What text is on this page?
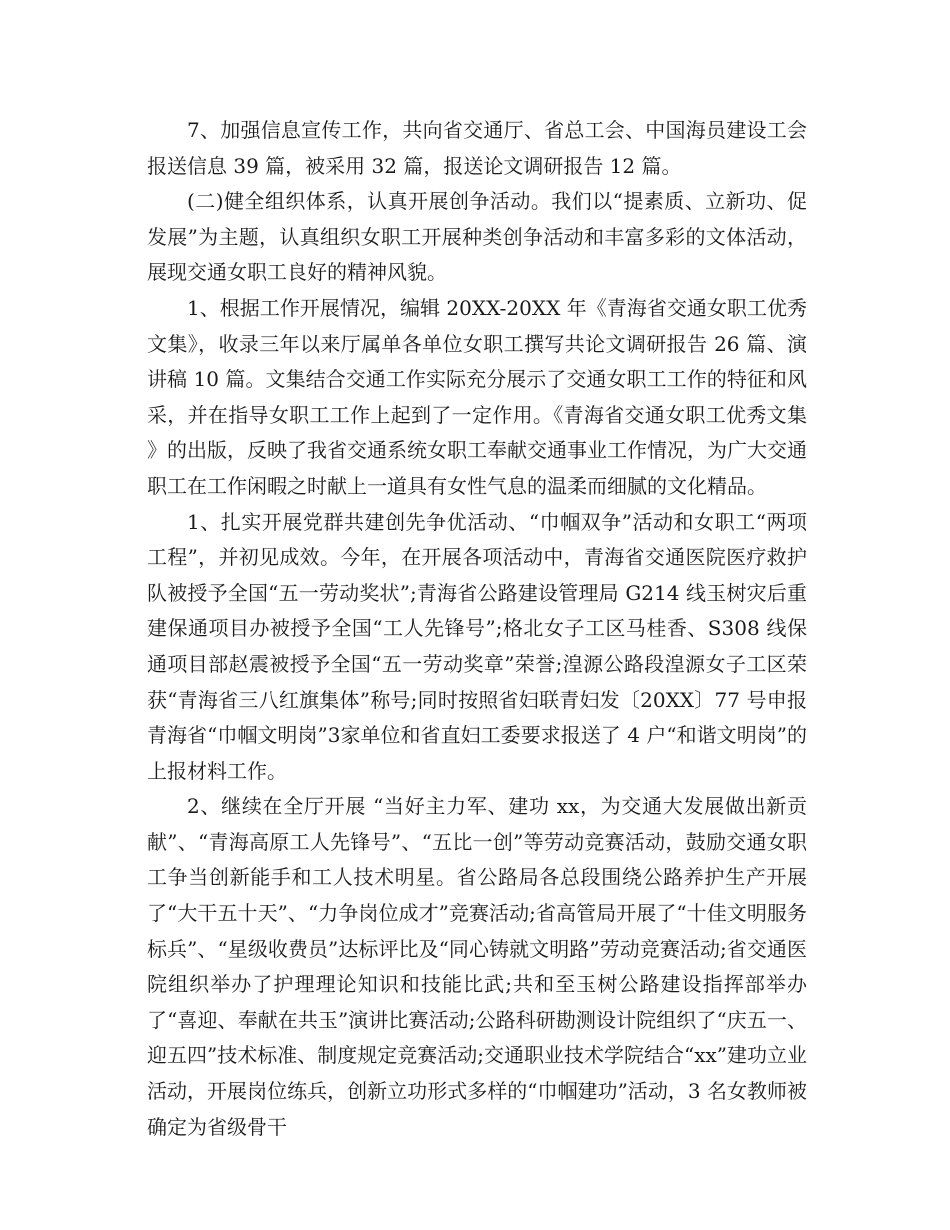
7、加强信息宣传工作，共向省交通厅、省总工会、中国海员建设工会报送信息 39 篇，被采用 32 篇，报送论文调研报告 12 篇。

(二)健全组织体系，认真开展创争活动。我们以“提素质、立新功、促发展”为主题，认真组织女职工开展种类创争活动和丰富多彩的文体活动，展现交通女职工良好的精神风貌。

1、根据工作开展情况，编辑 20XX-20XX 年《青海省交通女职工优秀文集》，收录三年以来厅属单各单位女职工撰写共论文调研报告 26 篇、演讲稿 10 篇。文集结合交通工作实际充分展示了交通女职工工作的特征和风采，并在指导女职工工作上起到了一定作用。《青海省交通女职工优秀文集 》的出版，反映了我省交通系统女职工奉献交通事业工作情况，为广大交通职工在工作闲暇之时献上一道具有女性气息的温柔而细腻的文化精品。

1、扎实开展党群共建创先争优活动、“巾帼双争”活动和女职工“两项工程”，并初见成效。今年，在开展各项活动中，青海省交通医院医疗救护队被授予全国“五一劳动奖状”;青海省公路建设管理局 G214 线玉树灾后重建保通项目办被授予全国“工人先锋号”;格北女子工区马桂香、S308 线保通项目部赵震被授予全国“五一劳动奖章”荣誉;湟源公路段湟源女子工区荣获“青海省三八红旗集体”称号;同时按照省妇联青妇发〔20XX〕77 号申报青海省“巾帼文明岗”3家单位和省直妇工委要求报送了 4 户“和谐文明岗”的上报材料工作。

2、继续在全厅开展 “当好主力军、建功 xx，为交通大发展做出新贡献”、“青海高原工人先锋号”、“五比一创”等劳动竞赛活动，鼓励交通女职工争当创新能手和工人技术明星。省公路局各总段围绕公路养护生产开展了“大干五十天”、“力争岗位成才”竞赛活动;省高管局开展了“十佳文明服务标兵”、“星级收费员”达标评比及“同心铸就文明路”劳动竞赛活动;省交通医院组织举办了护理理论知识和技能比武;共和至玉树公路建设指挥部举办了“喜迎、奉献在共玉”演讲比赛活动;公路科研勘测设计院组织了“庆五一、迎五四”技术标准、制度规定竞赛活动;交通职业技术学院结合“xx”建功立业活动，开展岗位练兵，创新立功形式多样的“巾帼建功”活动，3 名女教师被确定为省级骨干
